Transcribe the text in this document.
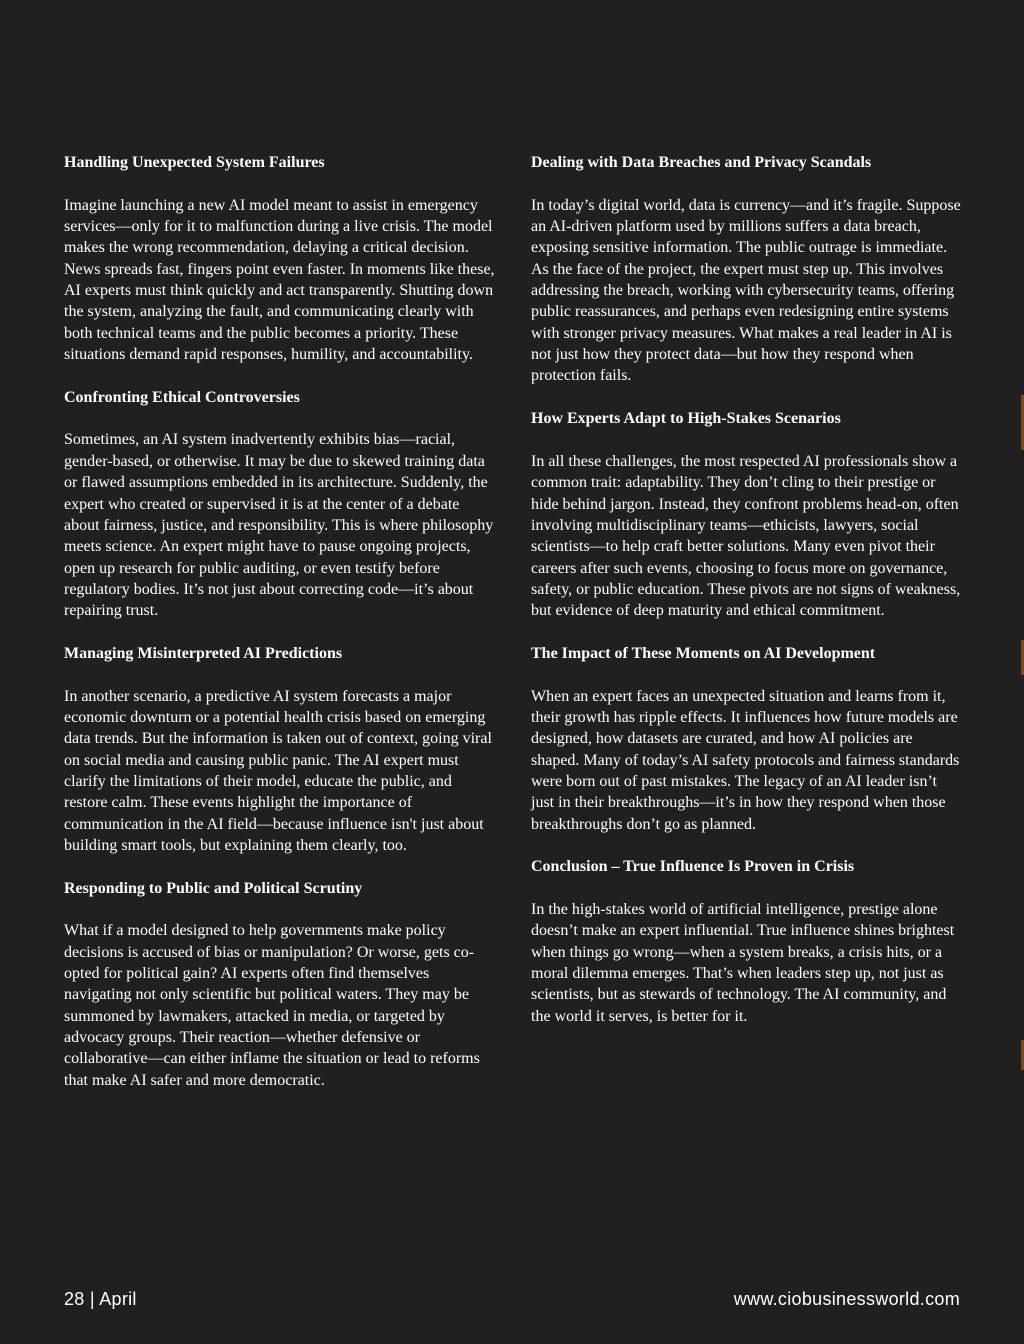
Handling Unexpected System Failures

Imagine launching a new AI model meant to assist in emergency services—only for it to malfunction during a live crisis. The model makes the wrong recommendation, delaying a critical decision. News spreads fast, fingers point even faster. In moments like these, AI experts must think quickly and act transparently. Shutting down the system, analyzing the fault, and communicating clearly with both technical teams and the public becomes a priority. These situations demand rapid responses, humility, and accountability.

Confronting Ethical Controversies

Sometimes, an AI system inadvertently exhibits bias—racial, gender-based, or otherwise. It may be due to skewed training data or flawed assumptions embedded in its architecture. Suddenly, the expert who created or supervised it is at the center of a debate about fairness, justice, and responsibility. This is where philosophy meets science. An expert might have to pause ongoing projects, open up research for public auditing, or even testify before regulatory bodies. It’s not just about correcting code—it’s about repairing trust.

Managing Misinterpreted AI Predictions

In another scenario, a predictive AI system forecasts a major economic downturn or a potential health crisis based on emerging data trends. But the information is taken out of context, going viral on social media and causing public panic. The AI expert must clarify the limitations of their model, educate the public, and restore calm. These events highlight the importance of communication in the AI field—because influence isn't just about building smart tools, but explaining them clearly, too.

Responding to Public and Political Scrutiny

What if a model designed to help governments make policy decisions is accused of bias or manipulation? Or worse, gets co-opted for political gain? AI experts often find themselves navigating not only scientific but political waters. They may be summoned by lawmakers, attacked in media, or targeted by advocacy groups. Their reaction—whether defensive or collaborative—can either inflame the situation or lead to reforms that make AI safer and more democratic.

Dealing with Data Breaches and Privacy Scandals

In today’s digital world, data is currency—and it’s fragile. Suppose an AI-driven platform used by millions suffers a data breach, exposing sensitive information. The public outrage is immediate. As the face of the project, the expert must step up. This involves addressing the breach, working with cybersecurity teams, offering public reassurances, and perhaps even redesigning entire systems with stronger privacy measures. What makes a real leader in AI is not just how they protect data—but how they respond when protection fails.

How Experts Adapt to High-Stakes Scenarios

In all these challenges, the most respected AI professionals show a common trait: adaptability. They don’t cling to their prestige or hide behind jargon. Instead, they confront problems head-on, often involving multidisciplinary teams—ethicists, lawyers, social scientists—to help craft better solutions. Many even pivot their careers after such events, choosing to focus more on governance, safety, or public education. These pivots are not signs of weakness, but evidence of deep maturity and ethical commitment.

The Impact of These Moments on AI Development

When an expert faces an unexpected situation and learns from it, their growth has ripple effects. It influences how future models are designed, how datasets are curated, and how AI policies are shaped. Many of today’s AI safety protocols and fairness standards were born out of past mistakes. The legacy of an AI leader isn’t just in their breakthroughs—it’s in how they respond when those breakthroughs don’t go as planned.

Conclusion – True Influence Is Proven in Crisis

In the high-stakes world of artificial intelligence, prestige alone doesn’t make an expert influential. True influence shines brightest when things go wrong—when a system breaks, a crisis hits, or a moral dilemma emerges. That’s when leaders step up, not just as scientists, but as stewards of technology. The AI community, and the world it serves, is better for it.

28 | April	www.ciobusinessworld.com
